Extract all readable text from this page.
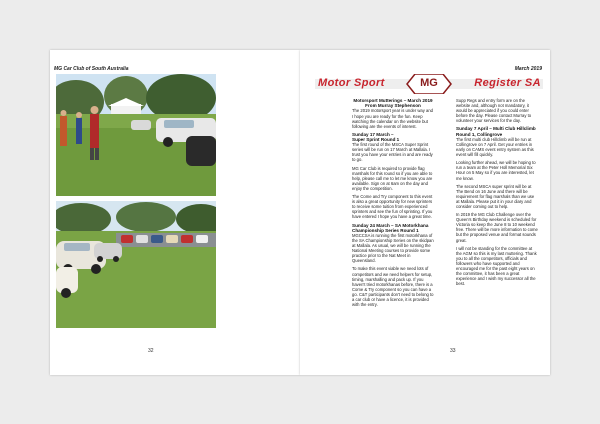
MG Car Club of South Australia
32
March 2019
Motor Sport	MG	Register SA
Motorsport Mutterings – March 2019
From Murray Stephenson

The 2019 motorsport year is under way and I hope you are ready for the fun. Keep watching the calendar on the website but following are the events of interest.

Sunday 17 March –
Super Sprint Round 1

The first round of the MSCA Super Sprint series will be run on 17 March at Mallala. I trust you have your entries in and are ready to go.

MG Car Club is required to provide flag marshals for this round so if you are able to help, please call me to let me know you are available. Sign on at 6am on the day and enjoy the competition.

The Come and Try component to this event is also a great opportunity for new sprinters to receive some tuition from experienced sprinters and see the fun of sprinting. If you have entered I hope you have a great time.

Sunday 24 March – SA Motorkhana
Championship Series Round 1

MGCCSA is running the first motorkhana of the SA Championship Series on the skidpan at Mallala. As usual, we will be running the National Meeting courses to provide some practice prior to the Nat Meet in Queensland.

To make this event viable we need lots of competitors and we need helpers for setup, timing, marshalling and pack up. If you haven't tried motorkhanas before, there is a Come & Try component so you can have a go. C&T participants don't need to belong to a car club or have a licence, it is provided with the entry.

Supp Regs and entry form are on the website and, although not mandatory, it would be appreciated if you could enter before the day. Please contact Murray to volunteer your services for the day.

Sunday 7 April – Multi Club Hillclimb
Round 1, Collingrove

The first multi club Hillclimb will be run at Collingrove on 7 April. Get your entries in early on CAMS event entry system as this event will fill quickly.

Looking further ahead, we will be hoping to run a team at the Peter Holl Memorial Six Hour on 5 May so if you are interested, let me know.

The second MSCA super sprint will be at The Bend on 16 June and there will be requirement for flag marshals than we use at Mallala. Please put it in your diary and consider coming out to help.

In 2019 the MG Club Challenge over the Queen's Birthday weekend is scheduled for Victoria so keep the June 8 to 10 weekend free. There will be more information to come but the proposed venue and format sounds great.

I will not be standing for the committee at the AGM so this is my last muttering. Thank you to all the competitors, officials and followers who have supported and encouraged me for the past eight years on the committee, it has been a great experience and I wish my successor all the best.

33
